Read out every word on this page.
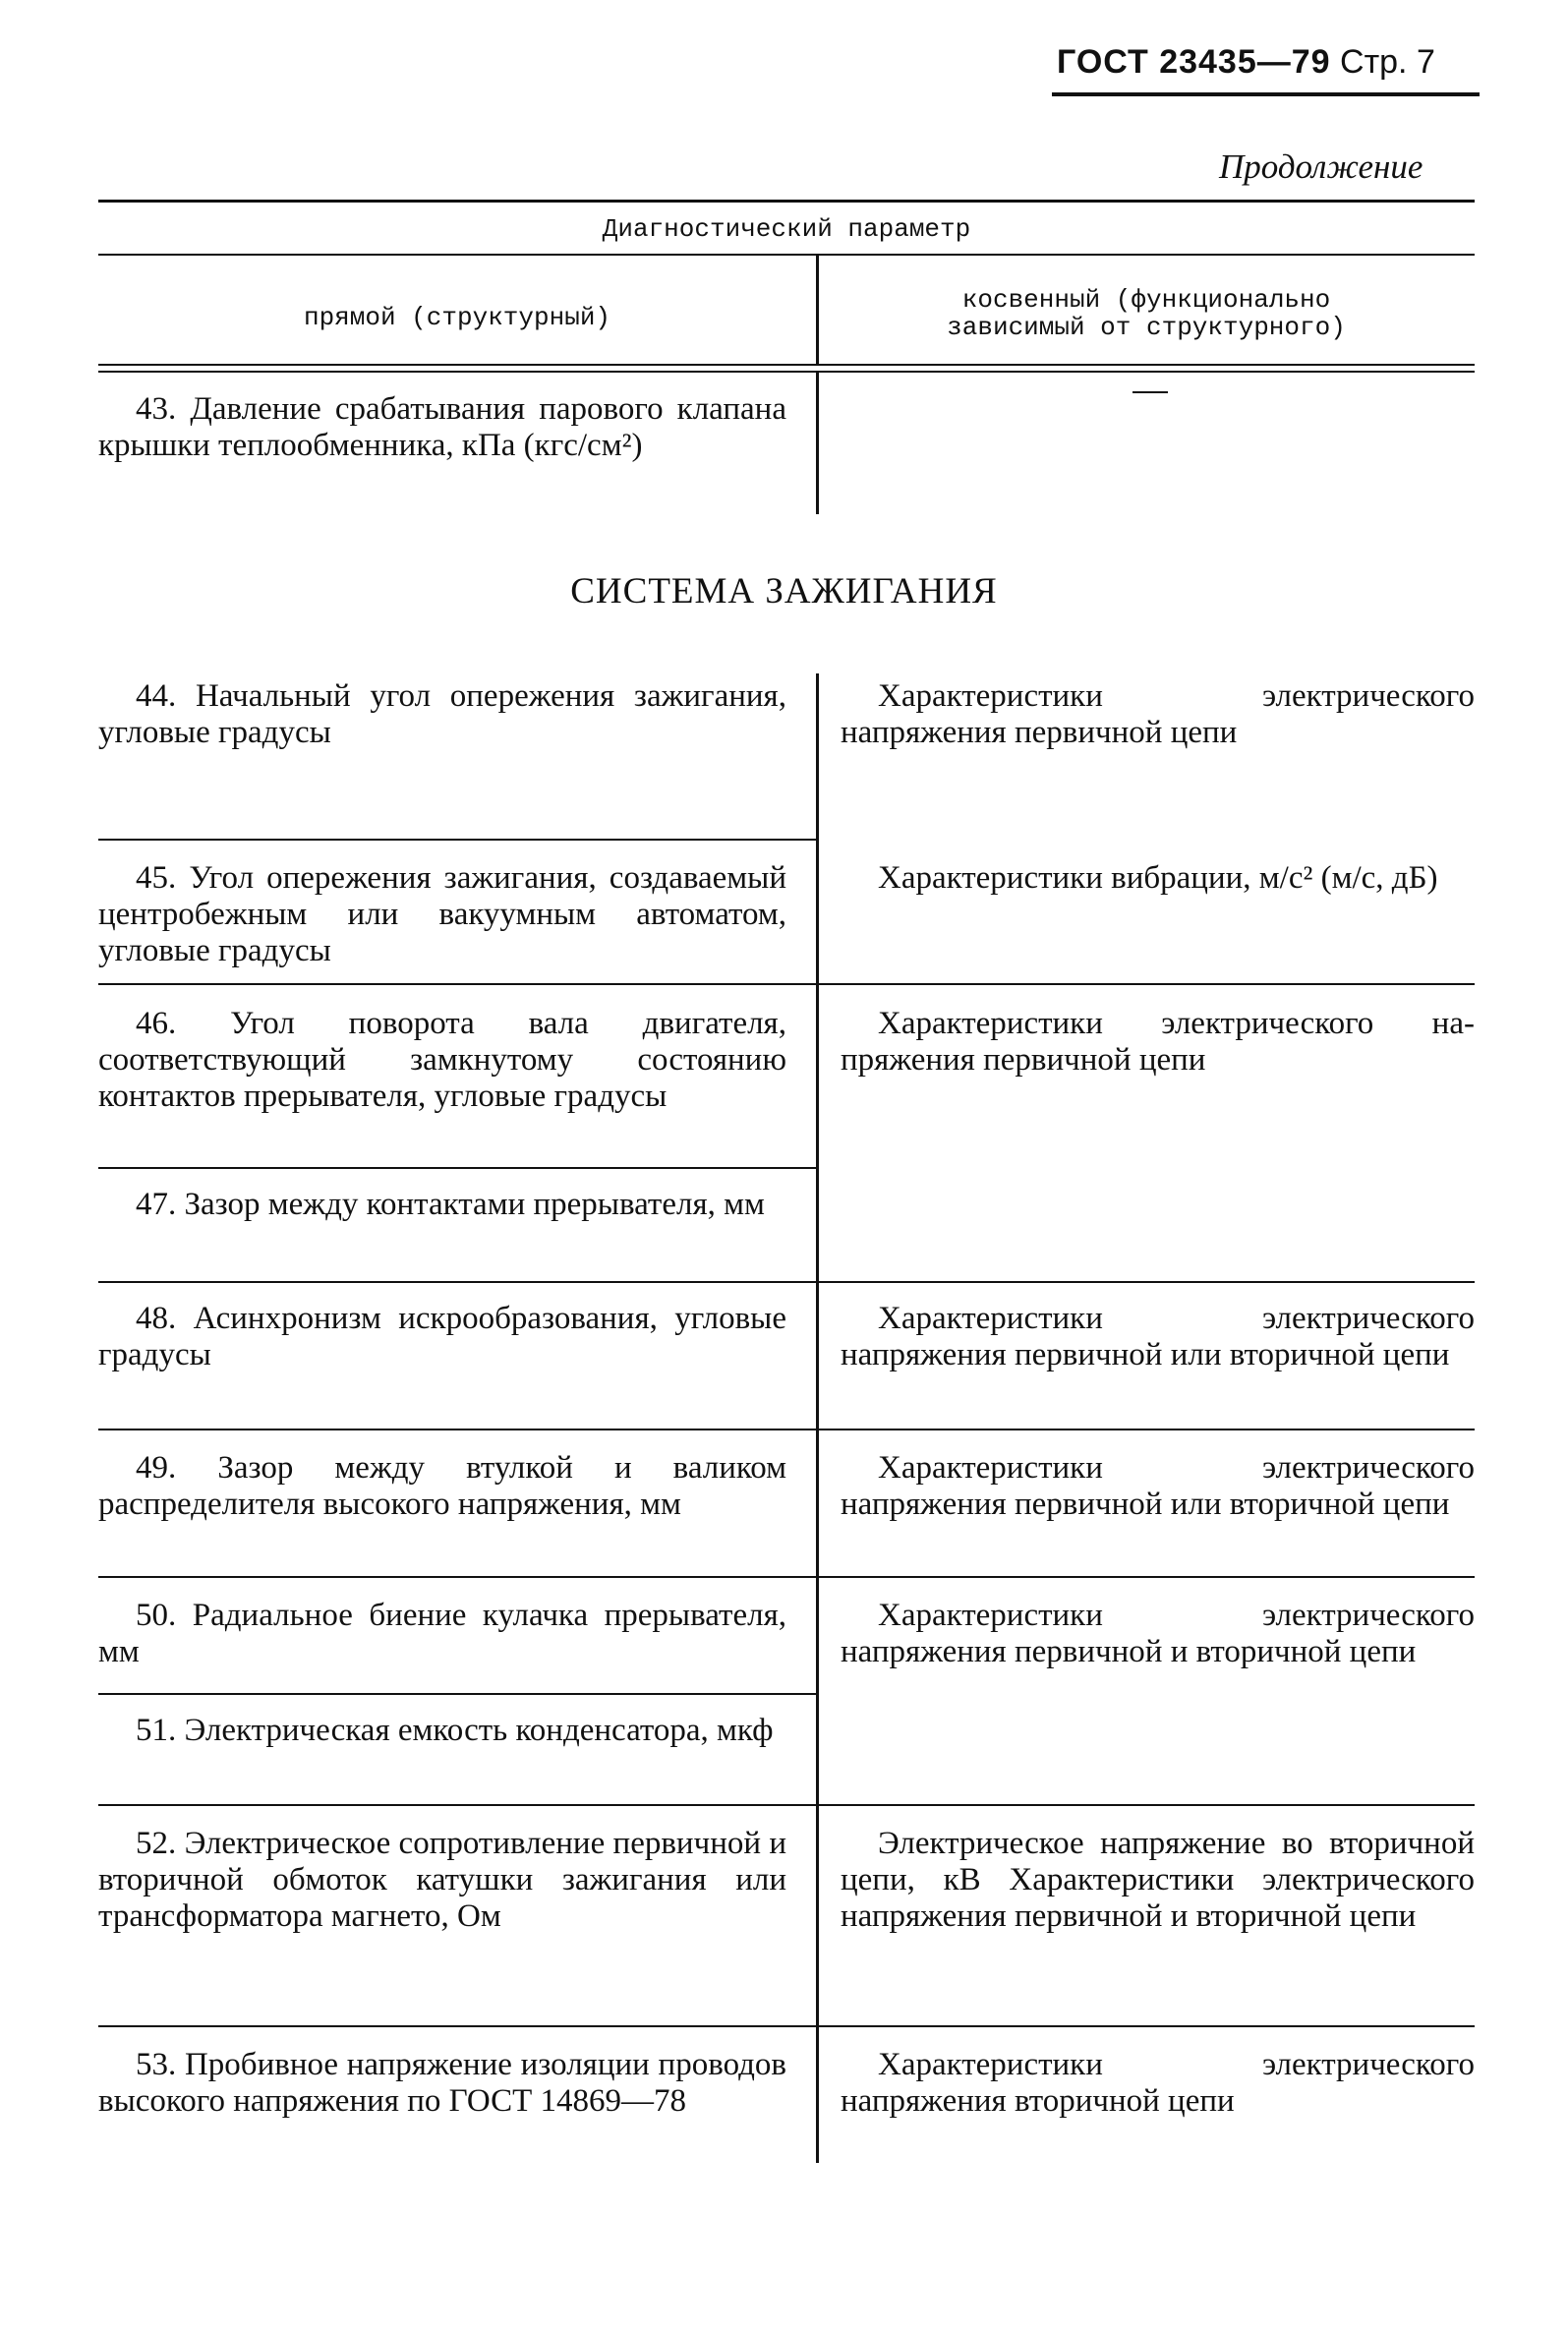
ГОСТ 23435—79 Стр. 7
Продолжение
Диагностический параметр
прямой (структурный)
косвенный (функционально
зависимый от структурного)
43. Давление срабатывания парового клапана крышки теплообменника, кПа (кгс/см²)
СИСТЕМА ЗАЖИГАНИЯ
44. Начальный угол опережения зажигания, угловые градусы
Характеристики электрического напряжения первичной цепи
45. Угол опережения зажигания, создаваемый центробежным или вакуумным автоматом, угловые градусы
Характеристики вибрации, м/с² (м/с, дБ)
46. Угол поворота вала двигателя, соответствующий замкнутому состоянию контактов прерывателя, угловые градусы
Характеристики электрического напряжения первичной цепи
47. Зазор между контактами прерывателя, мм
48. Асинхронизм искрообразования, угловые градусы
Характеристики электрического напряжения первичной или вторичной цепи
49. Зазор между втулкой и валиком распределителя высокого напряжения, мм
Характеристики электрического напряжения первичной или вторичной цепи
50. Радиальное биение кулачка прерывателя, мм
Характеристики электрического напряжения первичной и вторичной цепи
51. Электрическая емкость конденсатора, мкф
52. Электрическое сопротивление первичной и вторичной обмоток катушки зажигания или трансформатора магнето, Ом
Электрическое напряжение во вторичной цепи, кВ Характеристики электрического напряжения первичной и вторичной цепи
53. Пробивное напряжение изоляции проводов высокого напряжения по ГОСТ 14869—78
Характеристики электрического напряжения вторичной цепи
